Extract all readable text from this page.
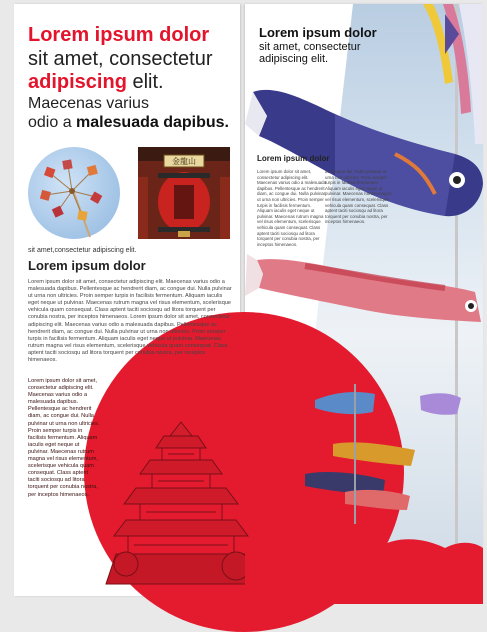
Lorem ipsum dolor
sit amet, consectetur
adipiscing elit.
Maecenas varius
odio a malesuada dapibus.
金龍山
sit amet,consectetur adipiscing elit.
Lorem ipsum dolor
Lorem ipsum dolor sit amet, consectetur adipiscing elit. Maecenas varius odio a malesuada dapibus. Pellentesque ac hendrerit diam, ac congue dui. Nulla pulvinar ut urna non ultricies. Proin semper turpis in facilisis fermentum. Aliquam iaculis eget neque ut pulvinar. Maecenas rutrum magna vel risus elementum, scelerisque vehicula quam consequat. Class aptent taciti sociosqu ad litora torquent per conubia nostra, per inceptos himenaeos. Lorem ipsum dolor sit amet, consectetur adipiscing elit. Maecenas varius odio a malesuada dapibus. Pellentesque ac hendrerit diam, ac congue dui. Nulla pulvinar ut urna non ultricies. Proin semper turpis in facilisis fermentum. Aliquam iaculis eget neque ut pulvinar. Maecenas rutrum magna vel risus elementum, scelerisque vehicula quam consequat. Class aptent taciti sociosqu ad litora torquent per conubia nostra, per inceptos himenaeos.
Lorem ipsum dolor sit amet, consectetur adipiscing elit. Maecenas varius odio a malesuada dapibus. Pellentesque ac hendrerit diam, ac congue dui. Nulla pulvinar ut urna non ultricies. Proin semper turpis in facilisis fermentum. Aliquam iaculis eget neque ut pulvinar. Maecenas rutrum magna vel risus elementum, scelerisque vehicula quam consequat. Class aptent taciti sociosqu ad litora torquent per conubia nostra, per inceptos himenaeos.
Lorem ipsum dolor
sit amet, consectetur
adipiscing elit.
Lorem ipsum dolor
Lorem ipsum dolor sit amet, consectetur adipiscing elit. Maecenas varius odio a malesuada dapibus. Pellentesque ac hendrerit diam, ac congue dui. Nulla pulvinar ut urna non ultricies. Proin semper turpis in facilisis fermentum. Aliquam iaculis eget neque ut pulvinar. Maecenas rutrum magna vel risus elementum, scelerisque vehicula quam consequat. Class aptent taciti sociosqu ad litora torquent per conubia nostra, per inceptos himenaeos.
ac congue dui. Nulla pulvinar ut urna non ultricies. Proin semper turpis in facilisis fermentum. Aliquam iaculis eget neque ut pulvinar. Maecenas rutrum magna vel risus elementum, scelerisque vehicula quam consequat. Class aptent taciti sociosqu ad litora torquent per conubia nostra, per inceptos himenaeos.
